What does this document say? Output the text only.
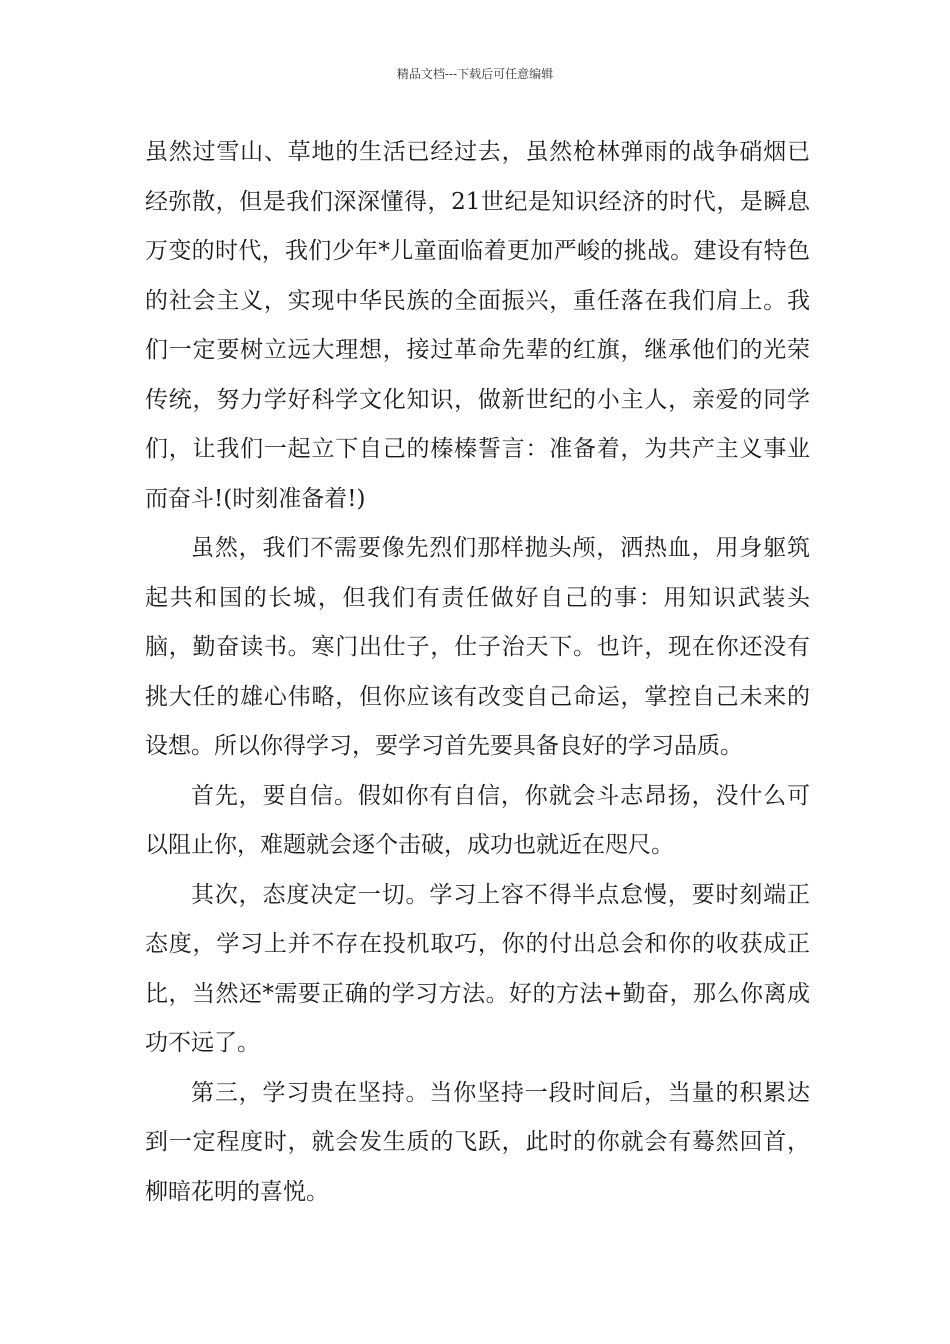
精品文档---下载后可任意编辑

虽然过雪山、草地的生活已经过去，虽然枪林弹雨的战争硝烟已经弥散，但是我们深深懂得，21世纪是知识经济的时代，是瞬息万变的时代，我们少年*儿童面临着更加严峻的挑战。建设有特色的社会主义，实现中华民族的全面振兴，重任落在我们肩上。我们一定要树立远大理想，接过革命先辈的红旗，继承他们的光荣传统，努力学好科学文化知识，做新世纪的小主人，亲爱的同学们，让我们一起立下自己的榛榛誓言：准备着，为共产主义事业而奋斗!(时刻准备着!)

虽然，我们不需要像先烈们那样抛头颅，洒热血，用身躯筑起共和国的长城，但我们有责任做好自己的事：用知识武装头脑，勤奋读书。寒门出仕子，仕子治天下。也许，现在你还没有挑大任的雄心伟略，但你应该有改变自己命运，掌控自己未来的设想。所以你得学习，要学习首先要具备良好的学习品质。

首先，要自信。假如你有自信，你就会斗志昂扬，没什么可以阻止你，难题就会逐个击破，成功也就近在咫尺。

其次，态度决定一切。学习上容不得半点怠慢，要时刻端正态度，学习上并不存在投机取巧，你的付出总会和你的收获成正比，当然还*需要正确的学习方法。好的方法+勤奋，那么你离成功不远了。

第三，学习贵在坚持。当你坚持一段时间后，当量的积累达到一定程度时，就会发生质的飞跃，此时的你就会有蓦然回首，柳暗花明的喜悦。
